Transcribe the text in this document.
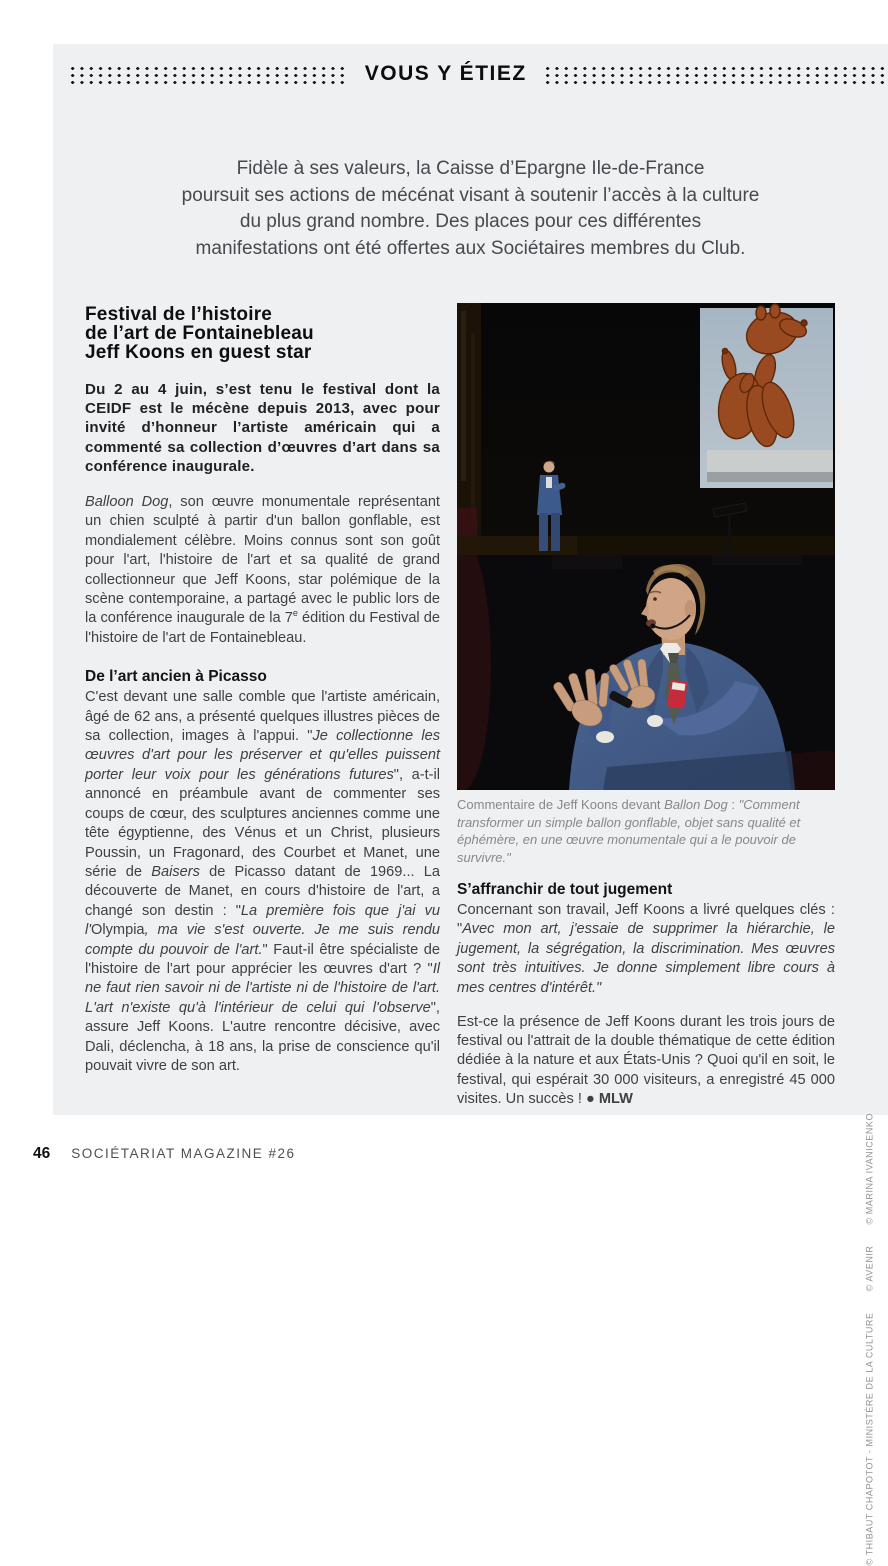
VOUS Y ÉTIEZ
Fidèle à ses valeurs, la Caisse d’Epargne Ile-de-France
poursuit ses actions de mécénat visant à soutenir l’accès à la culture
du plus grand nombre. Des places pour ces différentes
manifestations ont été offertes aux Sociétaires membres du Club.
Festival de l’histoire
de l’art de Fontainebleau
Jeff Koons en guest star

Du 2 au 4 juin, s’est tenu le festival dont la CEIDF est le mécène depuis 2013, avec pour invité d’honneur l’artiste américain qui a commenté sa collection d’œuvres d’art dans sa conférence inaugurale.

Balloon Dog, son œuvre monumentale représentant un chien sculpté à partir d'un ballon gonflable, est mondialement célèbre. Moins connus sont son goût pour l'art, l'histoire de l'art et sa qualité de grand collectionneur que Jeff Koons, star polémique de la scène contemporaine, a partagé avec le public lors de la conférence inaugurale de la 7e édition du Festival de l'histoire de l'art de Fontainebleau.

De l’art ancien à Picasso

C'est devant une salle comble que l'artiste américain, âgé de 62 ans, a présenté quelques illustres pièces de sa collection, images à l'appui. "Je collectionne les œuvres d'art pour les préserver et qu'elles puissent porter leur voix pour les générations futures", a-t-il annoncé en préambule avant de commenter ses coups de cœur, des sculptures anciennes comme une tête égyptienne, des Vénus et un Christ, plusieurs Poussin, un Fragonard, des Courbet et Manet, une série de Baisers de Picasso datant de 1969... La découverte de Manet, en cours d'histoire de l'art, a changé son destin : "La première fois que j'ai vu l'Olympia, ma vie s'est ouverte. Je me suis rendu compte du pouvoir de l'art." Faut-il être spécialiste de l'histoire de l'art pour apprécier les œuvres d'art ? "Il ne faut rien savoir ni de l'artiste ni de l'histoire de l'art. L'art n'existe qu'à l'intérieur de celui qui l'observe", assure Jeff Koons. L'autre rencontre décisive, avec Dali, déclencha, à 18 ans, la prise de conscience qu'il pouvait vivre de son art.

Commentaire de Jeff Koons devant Ballon Dog : "Comment transformer un simple ballon gonflable, objet sans qualité et éphémère, en une œuvre monumentale qui a le pouvoir de survivre."

S’affranchir de tout jugement

Concernant son travail, Jeff Koons a livré quelques clés : "Avec mon art, j'essaie de supprimer la hiérarchie, le jugement, la ségrégation, la discrimination. Mes œuvres sont très intuitives. Je donne simplement libre cours à mes centres d'intérêt."

Est-ce la présence de Jeff Koons durant les trois jours de festival ou l'attrait de la double thématique de cette édition dédiée à la nature et aux États-Unis ? Quoi qu'il en soit, le festival, qui espérait 30 000 visiteurs, a enregistré 45 000 visites. Un succès ! ● MLW

© THIBAUT CHAPOTOT - MINISTÈRE DE LA CULTURE © AVENIR © MARINA IVANICENKO
46 SOCIÉTARIAT MAGAZINE #26
